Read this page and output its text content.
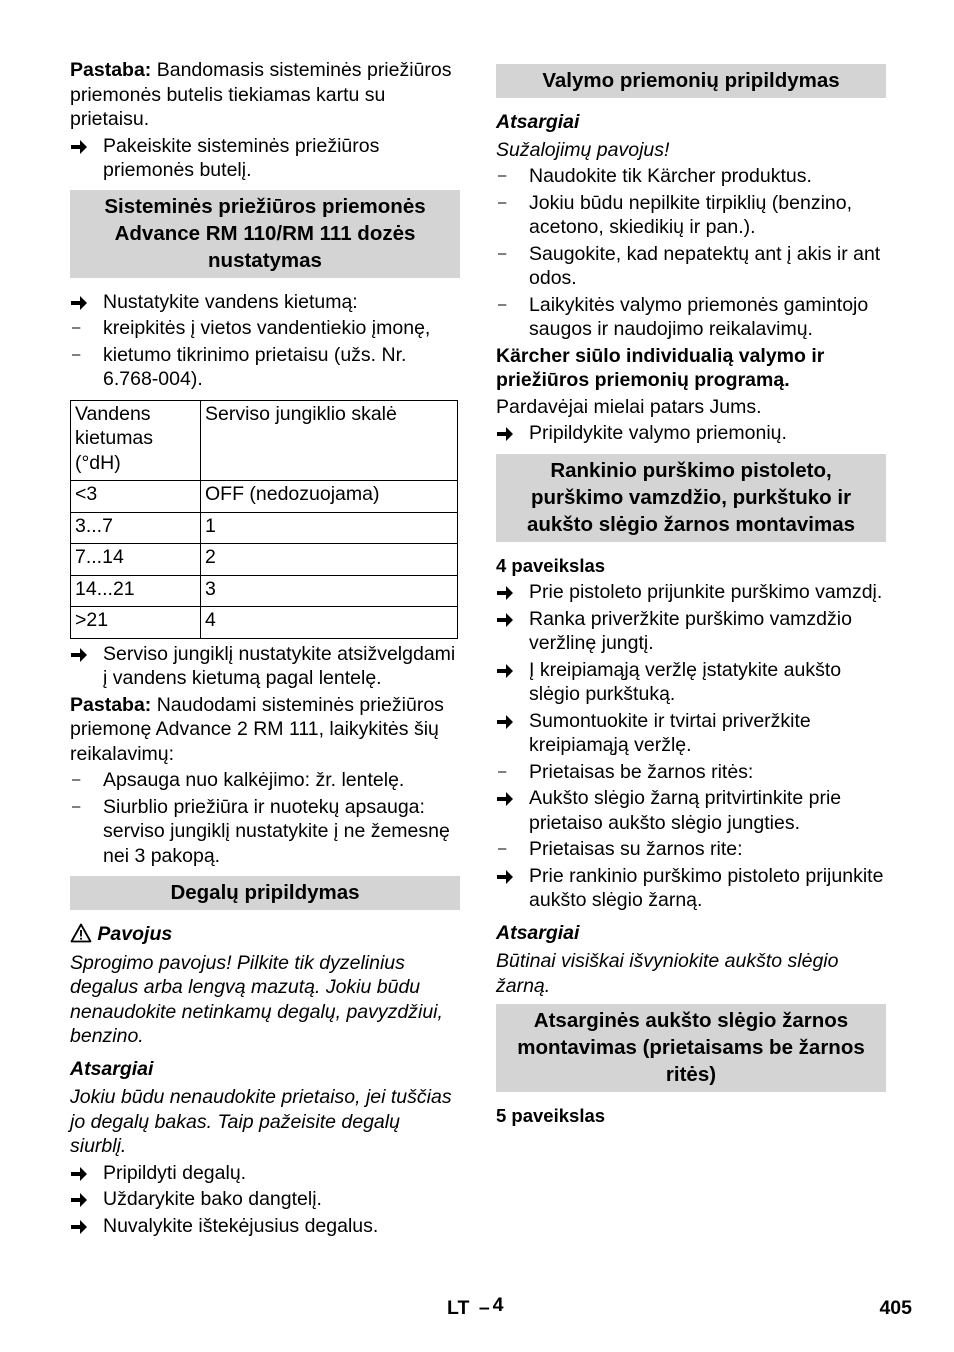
Pastaba: Bandomasis sisteminės priežiūros priemonės butelis tiekiamas kartu su prietaisu.

Pakeiskite sisteminės priežiūros priemonės butelį.
Sisteminės priežiūros priemonės Advance RM 110/RM 111 dozės nustatymas
Nustatykite vandens kietumą:
–	kreipkitės į vietos vandentiekio įmonę,
–	kietumo tikrinimo prietaisu (užs. Nr. 6.768-004).
Vandens kietumas (°dH)	Serviso jungiklio skalė
<3	OFF (nedozuojama)
3...7	1
7...14	2
14...21	3
>21	4
Serviso jungiklį nustatykite atsižvelgdami į vandens kietumą pagal lentelę.

Pastaba: Naudodami sisteminės priežiūros priemonę Advance 2 RM 111, laikykitės šių reikalavimų:

–	Apsauga nuo kalkėjimo: žr. lentelę.
–	Siurblio priežiūra ir nuotekų apsauga: serviso jungiklį nustatykite į ne žemesnę nei 3 pakopą.
Degalų pripildymas

Pavojus

Sprogimo pavojus! Pilkite tik dyzelinius degalus arba lengvą mazutą. Jokiu būdu nenaudokite netinkamų degalų, pavyzdžiui, benzino.

Atsargiai

Jokiu būdu nenaudokite prietaiso, jei tuščias jo degalų bakas. Taip pažeisite degalų siurblį.

Pripildyti degalų.
Uždarykite bako dangtelį.
Nuvalykite ištekėjusius degalus.
Valymo priemonių pripildymas

Atsargiai

Sužalojimų pavojus!

–	Naudokite tik Kärcher produktus.
–	Jokiu būdu nepilkite tirpiklių (benzino, acetono, skiedikių ir pan.).
–	Saugokite, kad nepatektų ant į akis ir ant odos.
–	Laikykitės valymo priemonės gamintojo saugos ir naudojimo reikalavimų.

Kärcher siūlo individualią valymo ir priežiūros priemonių programą.

Pardavėjai mielai patars Jums.

Pripildykite valymo priemonių.
Rankinio purškimo pistoleto, purškimo vamzdžio, purkštuko ir aukšto slėgio žarnos montavimas

4 paveikslas

Prie pistoleto prijunkite purškimo vamzdį.
Ranka priveržkite purškimo vamzdžio veržlinę jungtį.
Į kreipiamąją veržlę įstatykite aukšto slėgio purkštuką.
Sumontuokite ir tvirtai priveržkite kreipiamąją veržlę.
–	Prietaisas be žarnos ritės:
Aukšto slėgio žarną pritvirtinkite prie prietaiso aukšto slėgio jungties.
–	Prietaisas su žarnos rite:
Prie rankinio purškimo pistoleto prijunkite aukšto slėgio žarną.

Atsargiai

Būtinai visiškai išvyniokite aukšto slėgio žarną.

Atsarginės aukšto slėgio žarnos montavimas (prietaisams be žarnos ritės)

5 paveikslas

LT – 4	405
